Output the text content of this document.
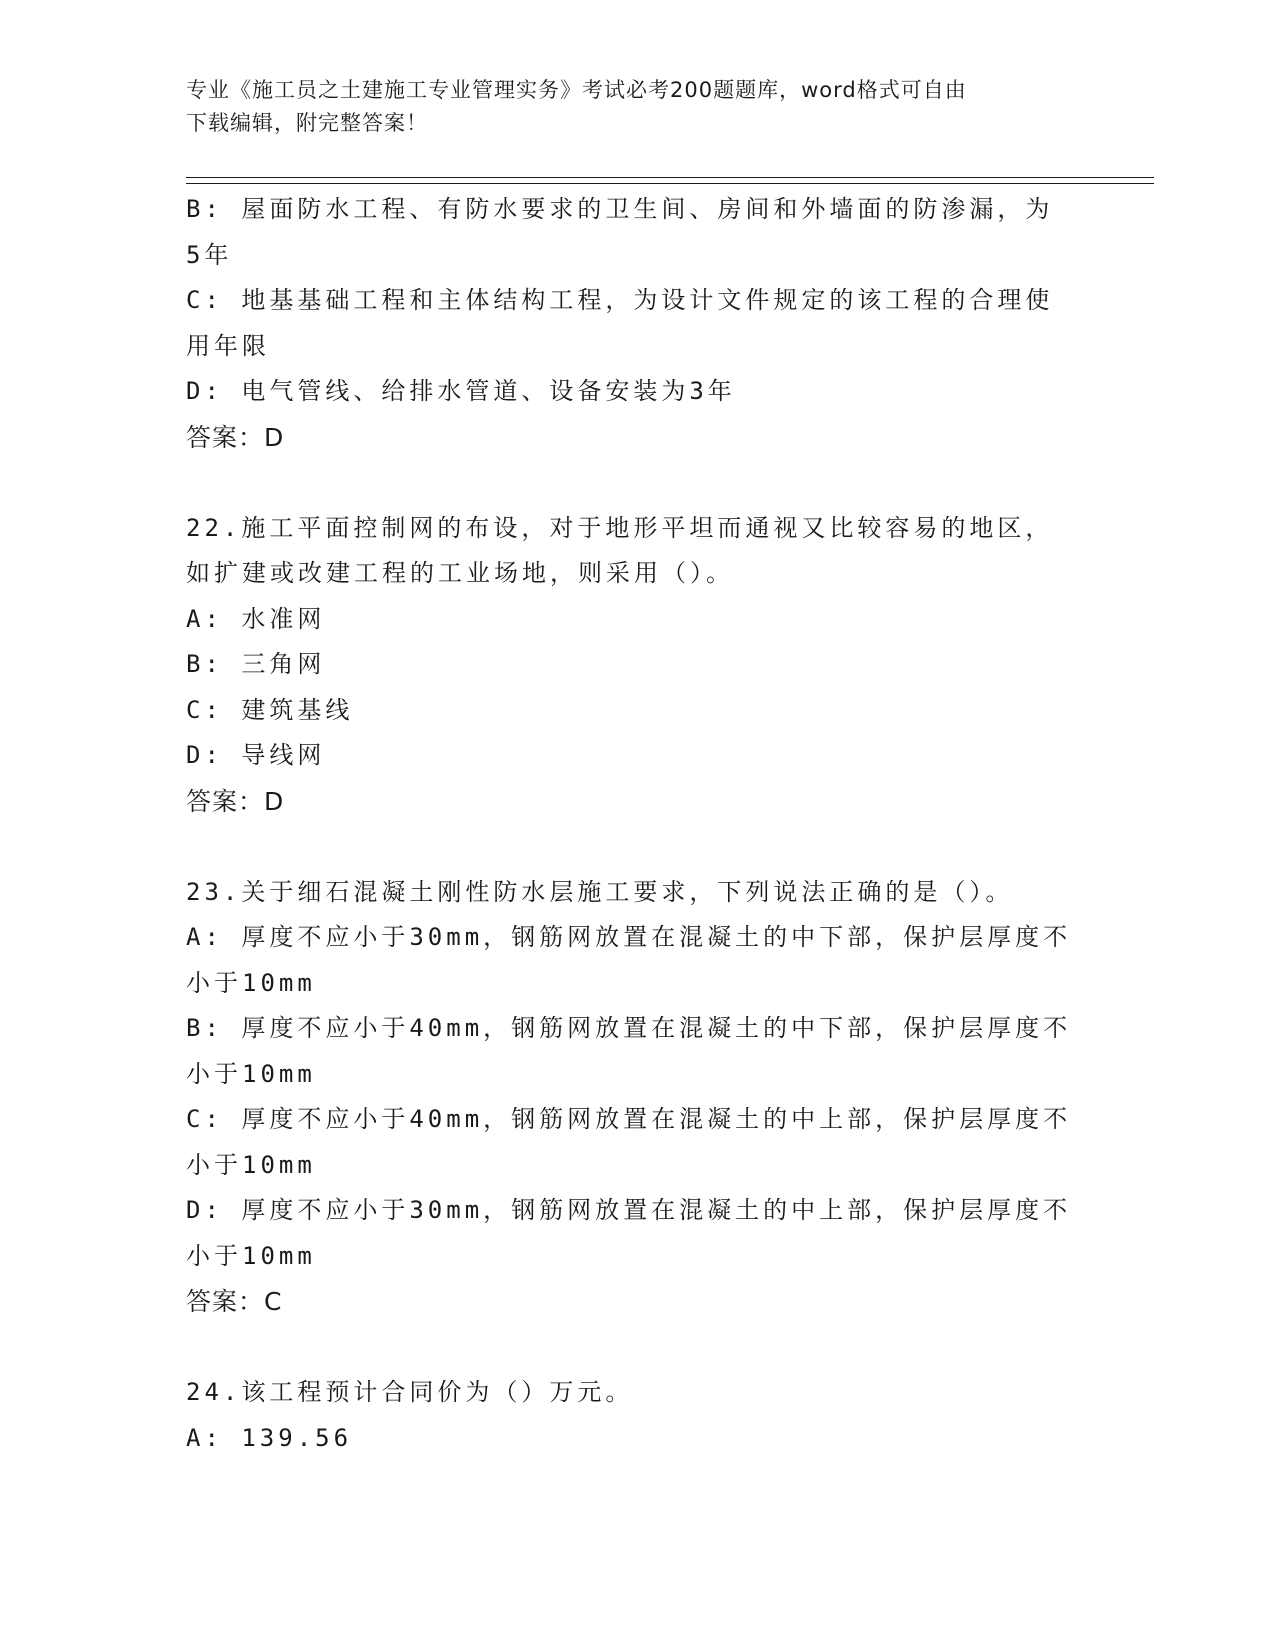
专业《施工员之土建施工专业管理实务》考试必考200题题库，word格式可自由
下载编辑，附完整答案！
B: 屋面防水工程、有防水要求的卫生间、房间和外墙面的防渗漏，为
5年
C: 地基基础工程和主体结构工程，为设计文件规定的该工程的合理使
用年限
D: 电气管线、给排水管道、设备安装为3年
答案：D
22.施工平面控制网的布设，对于地形平坦而通视又比较容易的地区，
如扩建或改建工程的工业场地，则采用（）。
A: 水准网
B: 三角网
C: 建筑基线
D: 导线网
答案：D
23.关于细石混凝土刚性防水层施工要求，下列说法正确的是（）。
A: 厚度不应小于30mm，钢筋网放置在混凝土的中下部，保护层厚度不
小于10mm
B: 厚度不应小于40mm，钢筋网放置在混凝土的中下部，保护层厚度不
小于10mm
C: 厚度不应小于40mm，钢筋网放置在混凝土的中上部，保护层厚度不
小于10mm
D: 厚度不应小于30mm，钢筋网放置在混凝土的中上部，保护层厚度不
小于10mm
答案：C
24.该工程预计合同价为（）万元。
A: 139.56
